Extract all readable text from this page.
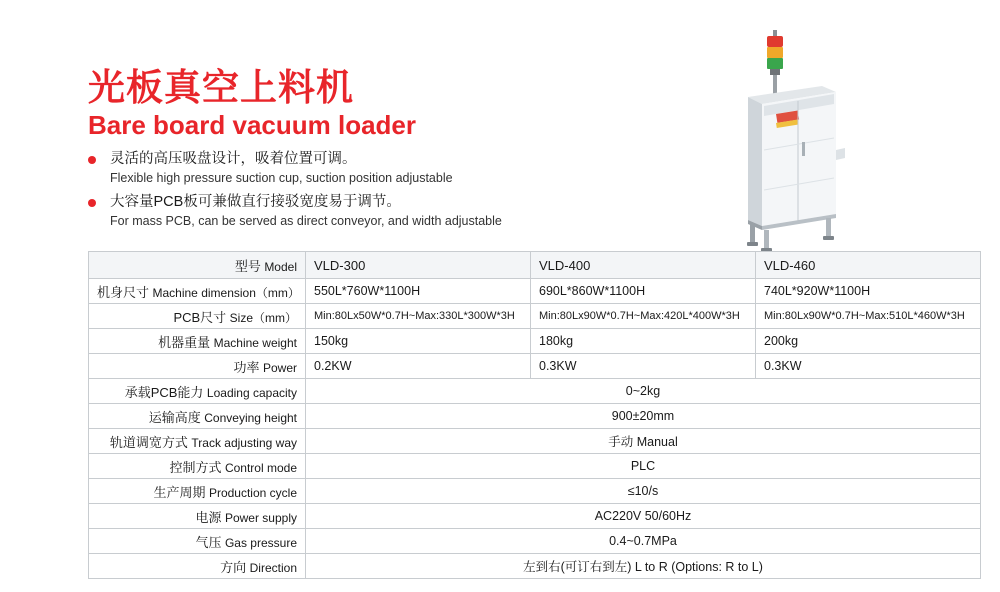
光板真空上料机
Bare board vacuum loader
灵活的高压吸盘设计，吸着位置可调。
Flexible high pressure suction cup, suction position adjustable
大容量PCB板可兼做直行接驳宽度易于调节。
For mass PCB, can be served as direct conveyor, and width adjustable
型号 Model	VLD-300	VLD-400	VLD-460
机身尺寸 Machine dimension（mm）	550L*760W*1100H	690L*860W*1100H	740L*920W*1100H
PCB尺寸 Size（mm）	Min:80Lx50W*0.7H~Max:330L*300W*3H	Min:80Lx90W*0.7H~Max:420L*400W*3H	Min:80Lx90W*0.7H~Max:510L*460W*3H
机器重量 Machine weight	150kg	180kg	200kg
功率 Power	0.2KW	0.3KW	0.3KW
承载PCB能力 Loading capacity	0~2kg		
运输高度 Conveying height	900±20mm		
轨道调宽方式 Track adjusting way	手动 Manual		
控制方式 Control mode	PLC		
生产周期 Production cycle	≤10/s		
电源 Power supply	AC220V 50/60Hz		
气压 Gas pressure	0.4~0.7MPa		
方向 Direction	左到右(可订右到左) L to R (Options: R to L)		
